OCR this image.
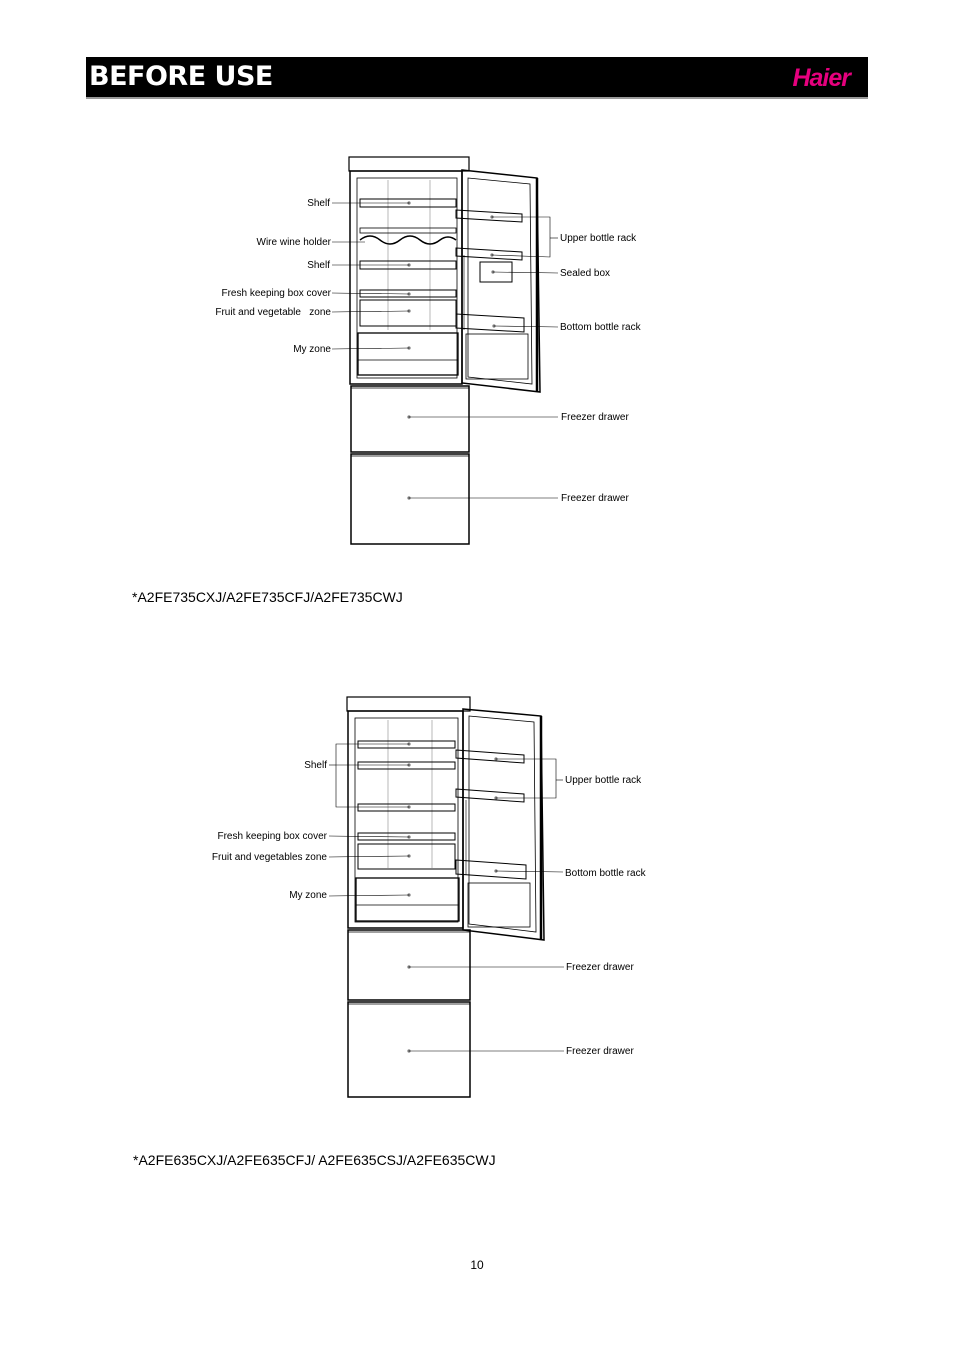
BEFORE USE	Haier
Shelf
Wire wine holder
Shelf
Fresh keeping box cover
Fruit and vegetable   zone
My zone
Upper bottle rack
Sealed box
Bottom bottle rack
Freezer drawer
Freezer drawer
*A2FE735CXJ/A2FE735CFJ/A2FE735CWJ
Shelf
Fresh keeping box cover
Fruit and vegetables zone
My zone
Upper bottle rack
Bottom bottle rack
Freezer drawer
Freezer drawer
*A2FE635CXJ/A2FE635CFJ/ A2FE635CSJ/A2FE635CWJ
10
